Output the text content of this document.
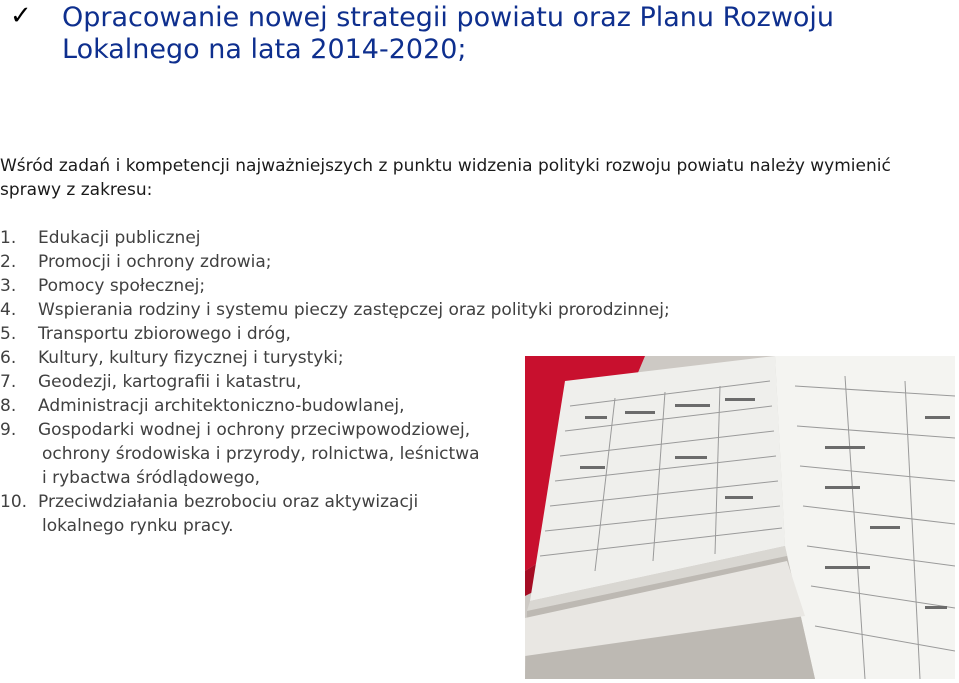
✓ Opracowanie nowej strategii powiatu oraz Planu Rozwoju Lokalnego na lata 2014-2020;
Wśród zadań i kompetencji najważniejszych z punktu widzenia polityki rozwoju powiatu należy wymienić sprawy z zakresu:
1. Edukacji publicznej
2. Promocji i ochrony zdrowia;
3. Pomocy społecznej;
4. Wspierania rodziny i systemu pieczy zastępczej oraz polityki prorodzinnej;
5. Transportu zbiorowego i dróg,
6. Kultury, kultury fizycznej i turystyki;
7. Geodezji, kartografii i katastru,
8. Administracji architektoniczno-budowlanej,
9. Gospodarki wodnej i ochrony przeciwpowodziowej,
ochrony środowiska i przyrody, rolnictwa, leśnictwa
i rybactwa śródlądowego,
10. Przeciwdziałania bezrobociu oraz aktywizacji
lokalnego rynku pracy.
